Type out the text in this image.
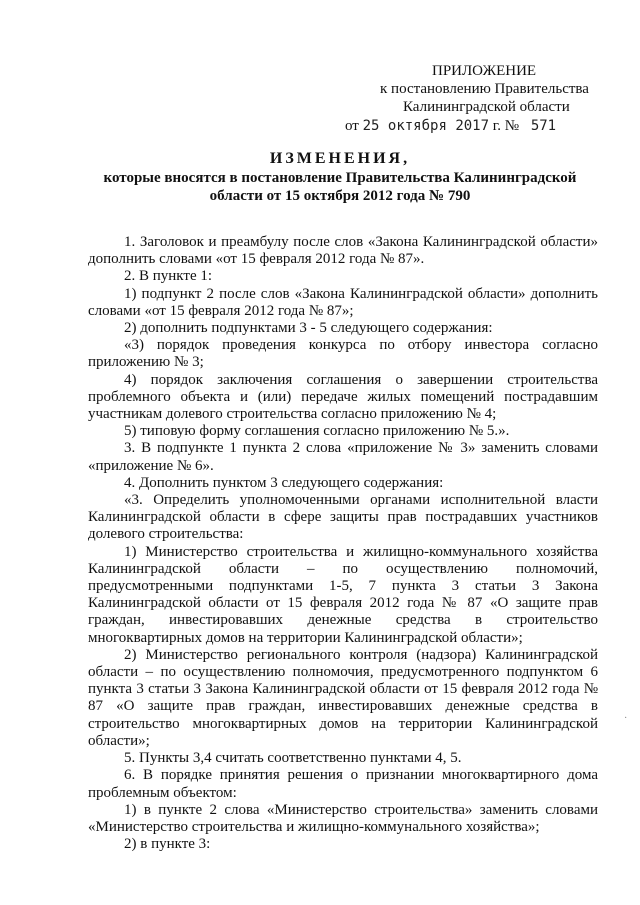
ПРИЛОЖЕНИЕ
к постановлению Правительства
Калининградской области
от 25 октября 2017 г. № 571
ИЗМЕНЕНИЯ,
которые вносятся в постановление Правительства Калининградской
области от 15 октября 2012 года № 790

1. Заголовок и преамбулу после слов «Закона Калининградской области» дополнить словами «от 15 февраля 2012 года № 87».

2. В пункте 1:

1) подпункт 2 после слов «Закона Калининградской области» дополнить словами «от 15 февраля 2012 года № 87»;

2) дополнить подпунктами 3 - 5 следующего содержания:

«3) порядок проведения конкурса по отбору инвестора согласно приложению № 3;

4) порядок заключения соглашения о завершении строительства проблемного объекта и (или) передаче жилых помещений пострадавшим участникам долевого строительства согласно приложению № 4;

5) типовую форму соглашения согласно приложению № 5.».

3. В подпункте 1 пункта 2 слова «приложение № 3» заменить словами «приложение № 6».

4. Дополнить пунктом 3 следующего содержания:

«3. Определить уполномоченными органами исполнительной власти Калининградской области в сфере защиты прав пострадавших участников долевого строительства:

1) Министерство строительства и жилищно-коммунального хозяйства Калининградской области – по осуществлению полномочий, предусмотренными подпунктами 1-5, 7 пункта 3 статьи 3 Закона Калининградской области от 15 февраля 2012 года № 87 «О защите прав граждан, инвестировавших денежные средства в строительство многоквартирных домов на территории Калининградской области»;

2) Министерство регионального контроля (надзора) Калининградской области – по осуществлению полномочия, предусмотренного подпунктом 6 пункта 3 статьи 3 Закона Калининградской области от 15 февраля 2012 года № 87 «О защите прав граждан, инвестировавших денежные средства в строительство многоквартирных домов на территории Калининградской области»;

5. Пункты 3,4 считать соответственно пунктами 4, 5.

6. В порядке принятия решения о признании многоквартирного дома проблемным объектом:

1) в пункте 2 слова «Министерство строительства» заменить словами «Министерство строительства и жилищно-коммунального хозяйства»;

2) в пункте 3:

·
